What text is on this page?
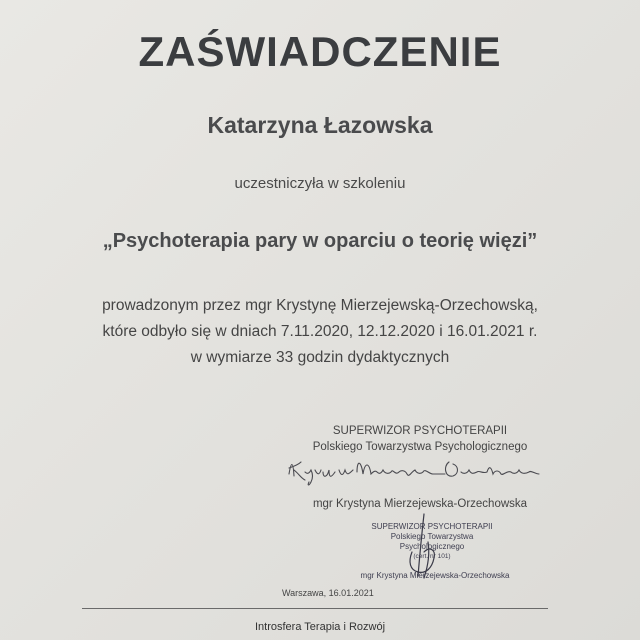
ZAŚWIADCZENIE
Katarzyna Łazowska
uczestniczyła w szkoleniu
„Psychoterapia pary w oparciu o teorię więzi”
prowadzonym przez mgr Krystynę Mierzejewską-Orzechowską,
które odbyło się w dniach 7.11.2020, 12.12.2020 i 16.01.2021 r.
w wymiarze 33 godzin dydaktycznych
SUPERWIZOR PSYCHOTERAPII
Polskiego Towarzystwa Psychologicznego
mgr Krystyna Mierzejewska-Orzechowska
SUPERWIZOR PSYCHOTERAPII
Polskiego Towarzystwa Psychologicznego
(cert. nr 101)
mgr Krystyna Mierzejewska-Orzechowska
Warszawa, 16.01.2021
Introsfera Terapia i Rozwój
